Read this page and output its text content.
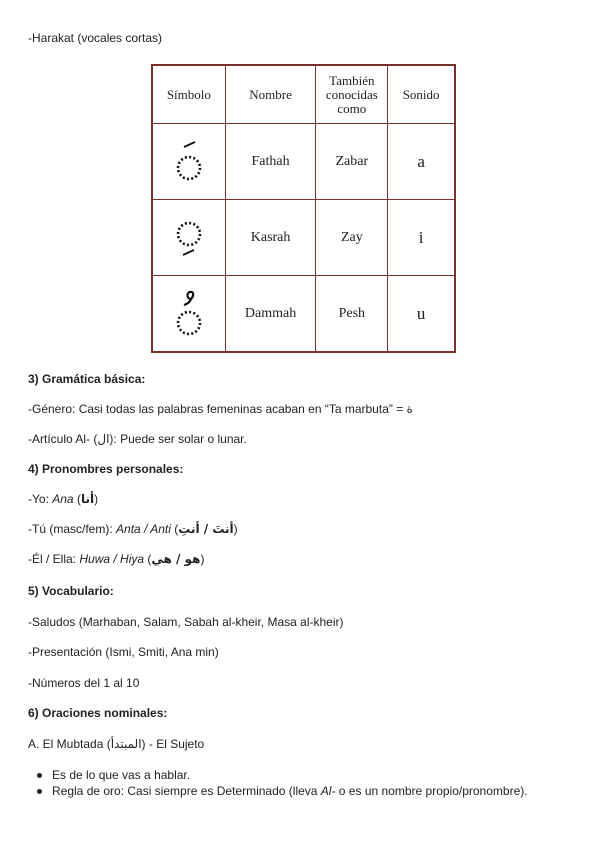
-Harakat (vocales cortas)
Símbolo	Nombre	También conocidas como	Sonido

	Fathah	Zabar	a

	Kasrah	Zay	i

	Dammah	Pesh	u
3) Gramática básica:
-Género: Casi todas las palabras femeninas acaban en “Ta marbuta” = ة
-Artículo Al- (ال): Puede ser solar o lunar.
4) Pronombres personales:
-Yo: Ana (أنا)
-Tú (masc/fem): Anta / Anti (أنتَ / أنتِ)
-Él / Ella: Huwa / Hiya (هو / هي)
5) Vocabulario:
-Saludos (Marhaban, Salam, Sabah al-kheir, Masa al-kheir)
-Presentación (Ismi, Smiti, Ana min)
-Números del 1 al 10
6) Oraciones nominales:
A. El Mubtada (المبتدأ) - El Sujeto
Es de lo que vas a hablar.
Regla de oro: Casi siempre es Determinado (lleva Al- o es un nombre propio/pronombre).
